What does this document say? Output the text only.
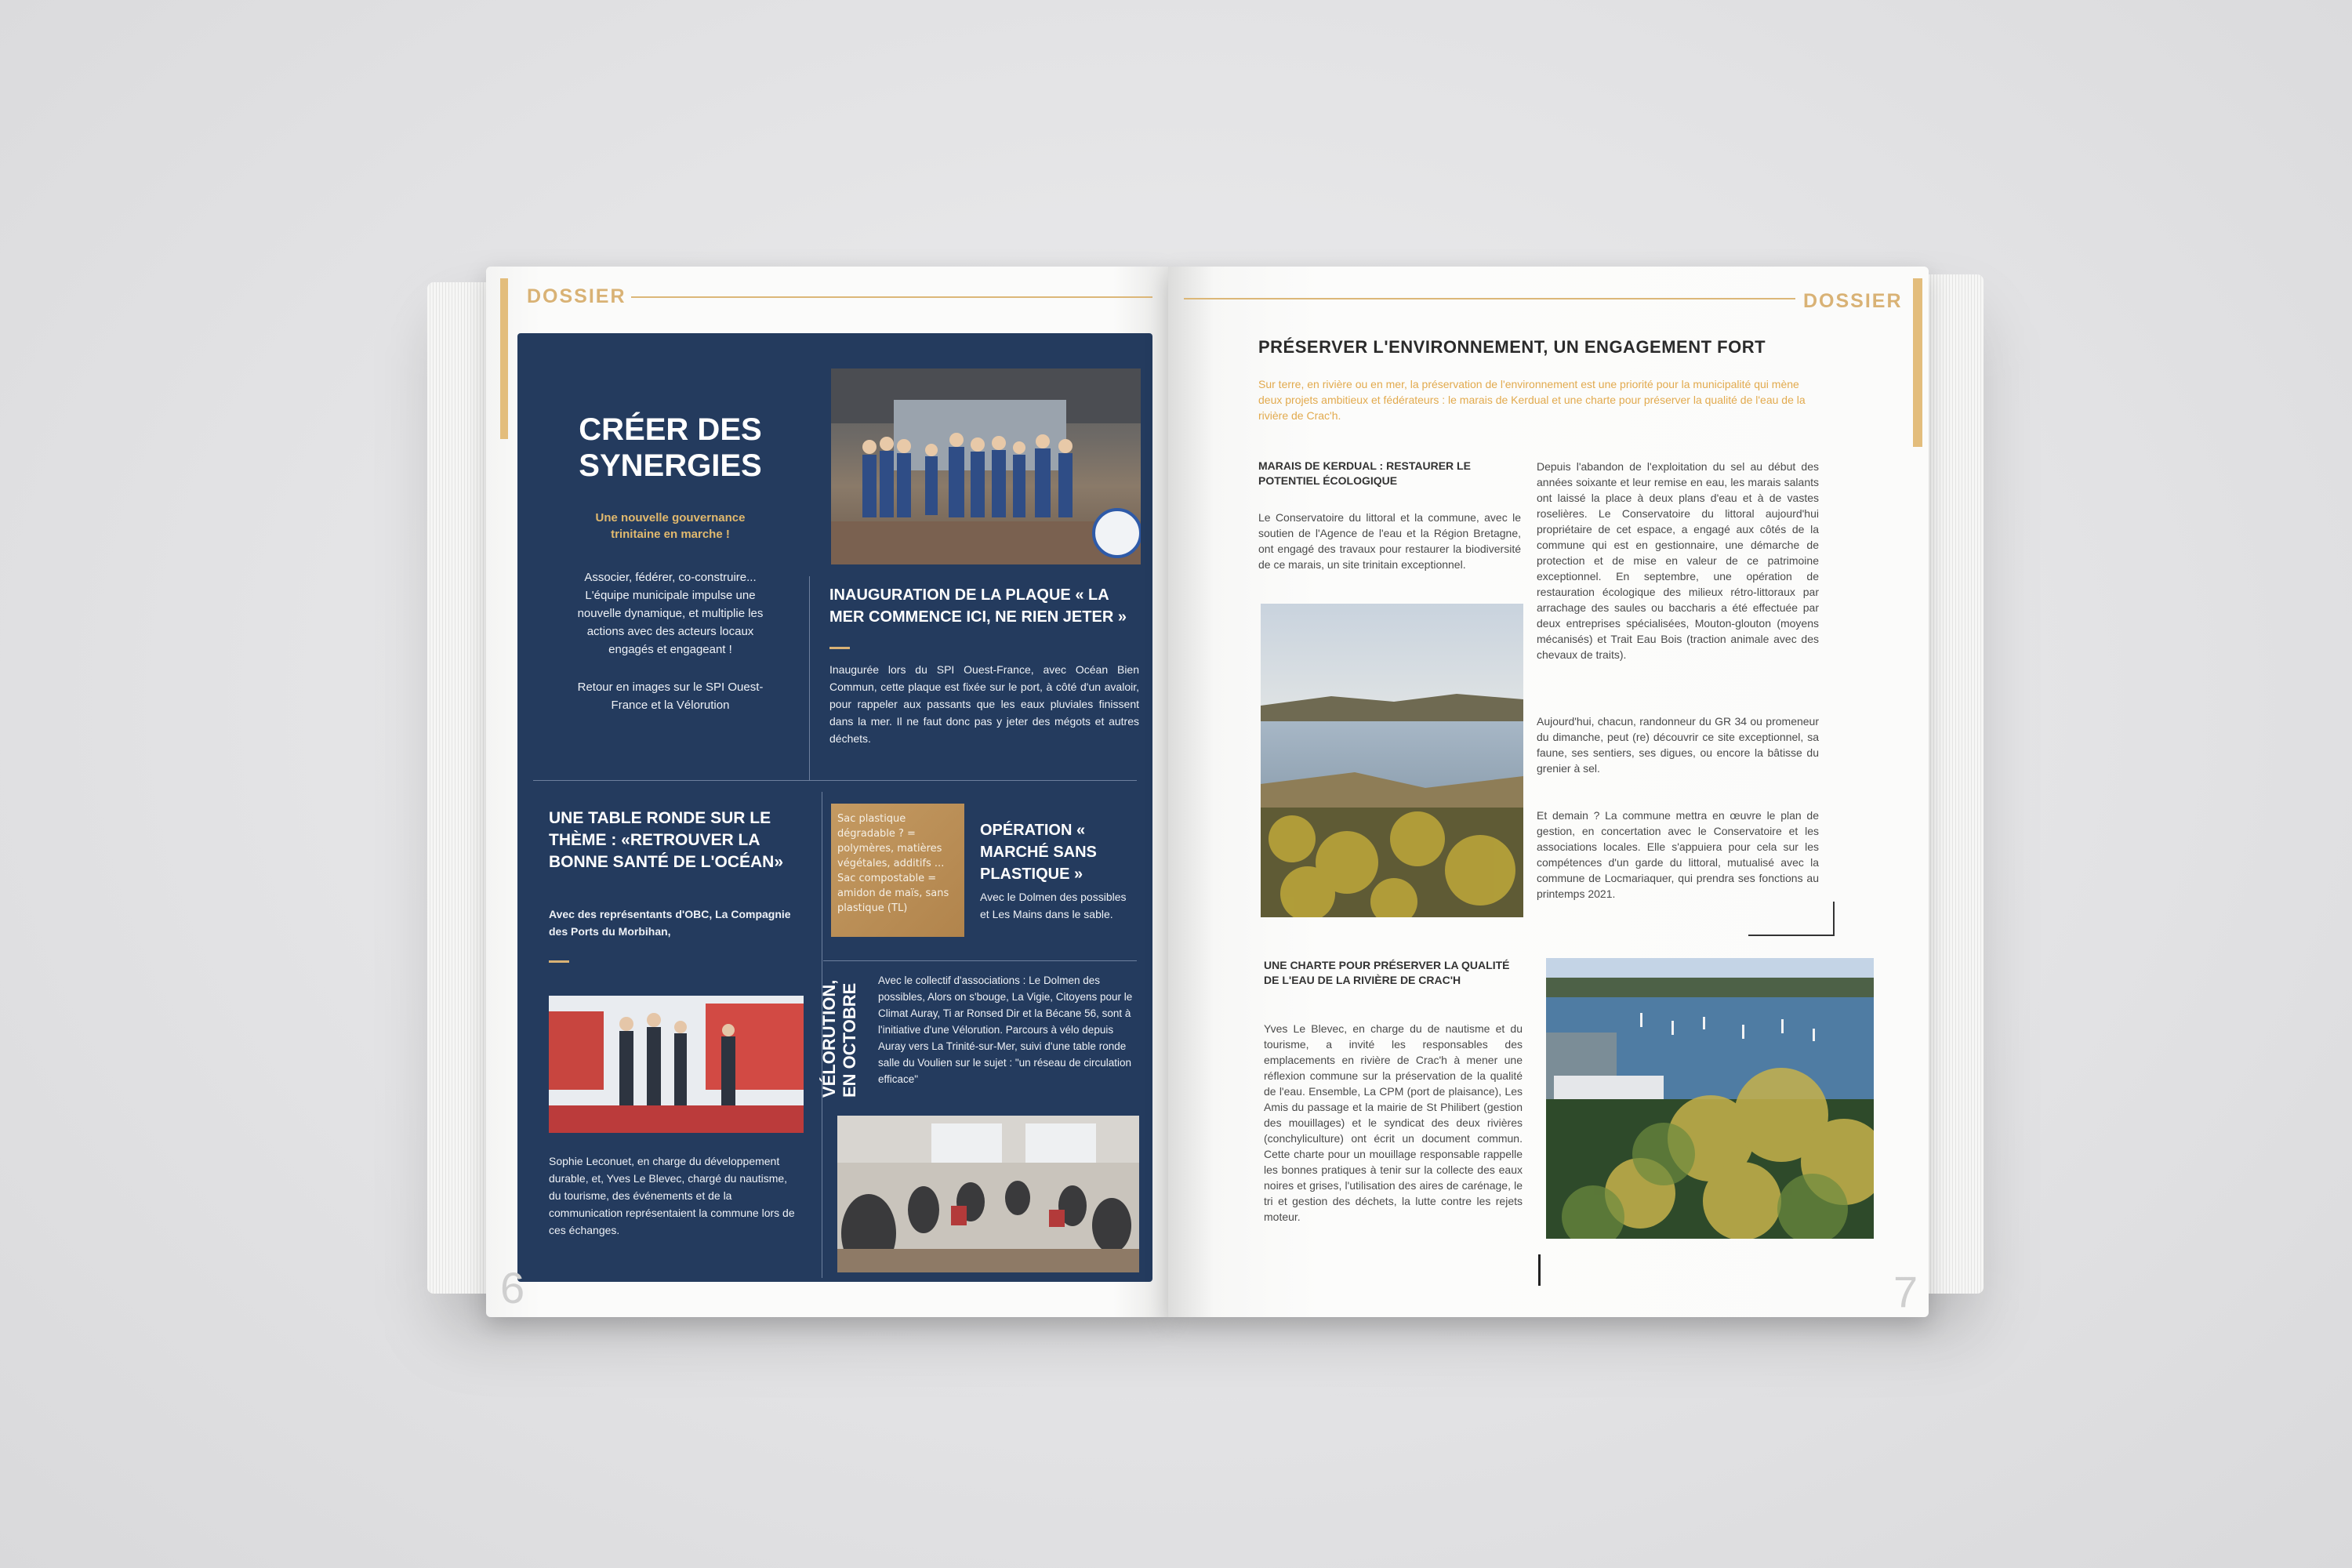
DOSSIER
CRÉER DES SYNERGIES
Une nouvelle gouvernance trinitaine en marche !
Associer, fédérer, co-construire... L'équipe municipale impulse une nouvelle dynamique, et multiplie les actions avec des acteurs locaux engagés et engageant !
Retour en images sur le SPI Ouest-France et la Vélorution
INAUGURATION DE LA PLAQUE « LA MER COMMENCE ICI, NE RIEN JETER »
Inaugurée lors du SPI Ouest-France, avec Océan Bien Commun, cette plaque est fixée sur le port, à côté d'un avaloir, pour rappeler aux passants que les eaux pluviales finissent dans la mer. Il ne faut donc pas y jeter des mégots et autres déchets.
UNE TABLE RONDE SUR LE THÈME : «RETROUVER LA BONNE SANTÉ DE L'OCÉAN»
Avec des représentants d'OBC, La Compagnie des Ports du Morbihan,
Sophie Leconuet, en charge du développement durable, et, Yves Le Blevec, chargé du nautisme, du tourisme, des événements et de la communication représentaient la commune lors de ces échanges.
Sac plastique dégradable ? = polymères, matières végétales, additifs ... Sac compostable = amidon de maïs, sans plastique (TL)
OPÉRATION « MARCHÉ SANS PLASTIQUE »
Avec le Dolmen des possibles et Les Mains dans le sable.
VÉLORUTION, EN OCTOBRE
Avec le collectif d'associations : Le Dolmen des possibles, Alors on s'bouge, La Vigie, Citoyens pour le Climat Auray, Ti ar Ronsed Dir et la Bécane 56, sont à l'initiative d'une Vélorution. Parcours à vélo depuis Auray vers La Trinité-sur-Mer, suivi d'une table ronde salle du Voulien sur le sujet : "un réseau de circulation efficace"
6
DOSSIER
PRÉSERVER L'ENVIRONNEMENT, UN ENGAGEMENT FORT
Sur terre, en rivière ou en mer, la préservation de l'environnement est une priorité pour la municipalité qui mène deux projets ambitieux et fédérateurs : le marais de Kerdual et une charte pour préserver la qualité de l'eau de la rivière de Crac'h.
MARAIS DE KERDUAL : RESTAURER LE POTENTIEL ÉCOLOGIQUE
Le Conservatoire du littoral et la commune, avec le soutien de l'Agence de l'eau et la Région Bretagne, ont engagé des travaux pour restaurer la biodiversité de ce marais, un site trinitain exceptionnel.
Depuis l'abandon de l'exploitation du sel au début des années soixante et leur remise en eau, les marais salants ont laissé la place à deux plans d'eau et à de vastes roselières. Le Conservatoire du littoral aujourd'hui propriétaire de cet espace, a engagé aux côtés de la commune qui est en gestionnaire, une démarche de protection et de mise en valeur de ce patrimoine exceptionnel. En septembre, une opération de restauration écologique des milieux rétro-littoraux par arrachage des saules ou baccharis a été effectuée par deux entreprises spécialisées, Mouton-glouton (moyens mécanisés) et Trait Eau Bois (traction animale avec des chevaux de traits).
Aujourd'hui, chacun, randonneur du GR 34 ou promeneur du dimanche, peut (re) découvrir ce site exceptionnel, sa faune, ses sentiers, ses digues, ou encore la bâtisse du grenier à sel.
Et demain ? La commune mettra en œuvre le plan de gestion, en concertation avec le Conservatoire et les associations locales. Elle s'appuiera pour cela sur les compétences d'un garde du littoral, mutualisé avec la commune de Locmariaquer, qui prendra ses fonctions au printemps 2021.
UNE CHARTE POUR PRÉSERVER LA QUALITÉ DE L'EAU DE LA RIVIÈRE DE CRAC'H
Yves Le Blevec, en charge du de nautisme et du tourisme, a invité les responsables des emplacements en rivière de Crac'h à mener une réflexion commune sur la préservation de la qualité de l'eau. Ensemble, La CPM (port de plaisance), Les Amis du passage et la mairie de St Philibert (gestion des mouillages) et le syndicat des deux rivières (conchyliculture) ont écrit un document commun. Cette charte pour un mouillage responsable rappelle les bonnes pratiques à tenir sur la collecte des eaux noires et grises, l'utilisation des aires de carénage, le tri et gestion des déchets, la lutte contre les rejets moteur.
7
